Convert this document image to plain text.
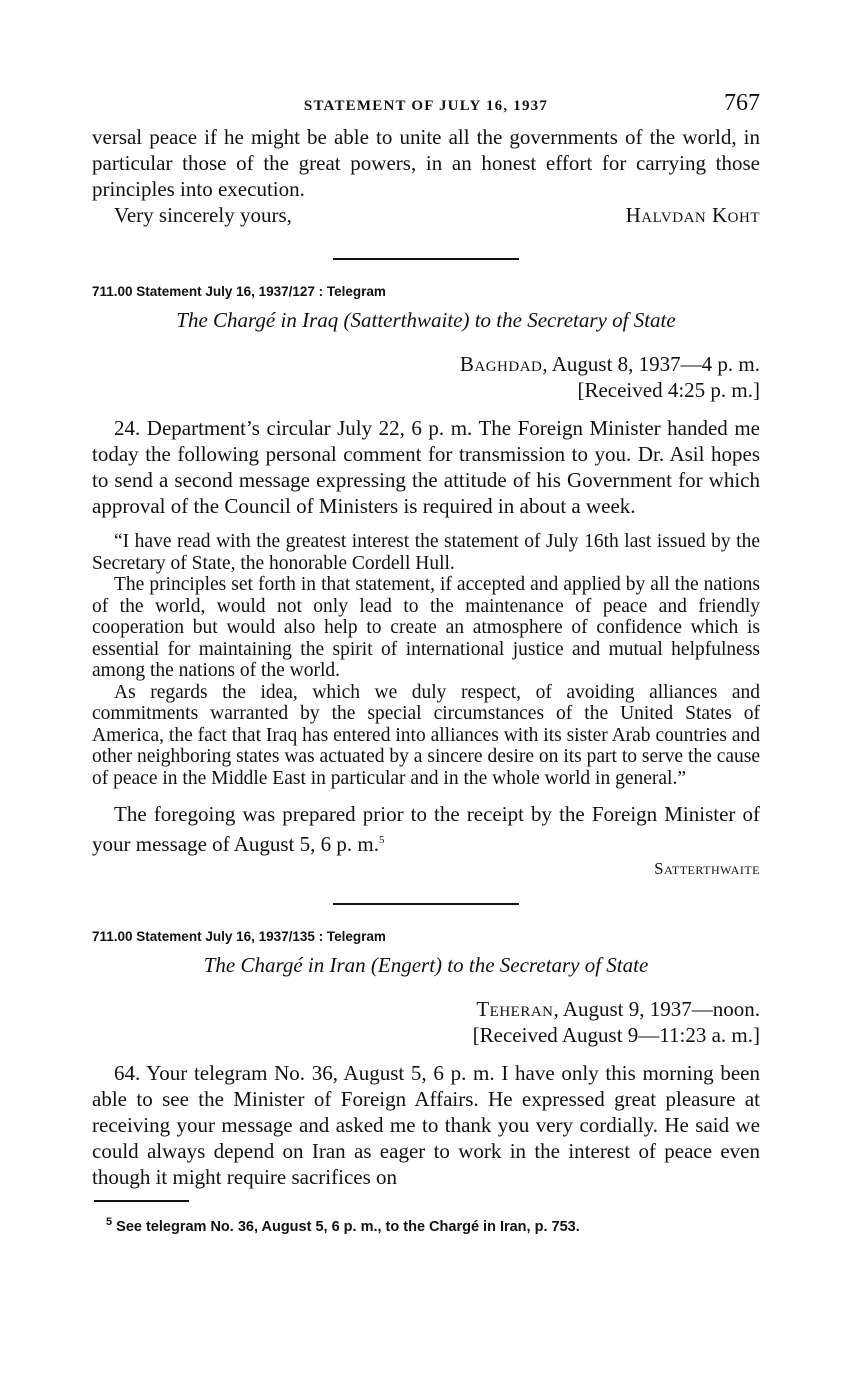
STATEMENT OF JULY 16, 1937	767

versal peace if he might be able to unite all the governments of the world, in particular those of the great powers, in an honest effort for carrying those principles into execution.

Very sincerely yours,	Halvdan Koht
711.00 Statement July 16, 1937/127 : Telegram
The Chargé in Iraq (Satterthwaite) to the Secretary of State
Baghdad, August 8, 1937—4 p. m.
[Received 4:25 p. m.]

24. Department’s circular July 22, 6 p. m. The Foreign Minister handed me today the following personal comment for transmission to you. Dr. Asil hopes to send a second message expressing the attitude of his Government for which approval of the Council of Ministers is required in about a week.

“I have read with the greatest interest the statement of July 16th last issued by the Secretary of State, the honorable Cordell Hull.

The principles set forth in that statement, if accepted and applied by all the nations of the world, would not only lead to the maintenance of peace and friendly cooperation but would also help to create an atmosphere of confidence which is essential for maintaining the spirit of international justice and mutual helpfulness among the nations of the world.

As regards the idea, which we duly respect, of avoiding alliances and commitments warranted by the special circumstances of the United States of America, the fact that Iraq has entered into alliances with its sister Arab countries and other neighboring states was actuated by a sincere desire on its part to serve the cause of peace in the Middle East in particular and in the whole world in general.”

The foregoing was prepared prior to the receipt by the Foreign Minister of your message of August 5, 6 p. m.$^5$

Satterthwaite
711.00 Statement July 16, 1937/135 : Telegram
The Chargé in Iran (Engert) to the Secretary of State
Teheran, August 9, 1937—noon.
[Received August 9—11:23 a. m.]

64. Your telegram No. 36, August 5, 6 p. m. I have only this morning been able to see the Minister of Foreign Affairs. He expressed great pleasure at receiving your message and asked me to thank you very cordially. He said we could always depend on Iran as eager to work in the interest of peace even though it might require sacrifices on

$^5$ See telegram No. 36, August 5, 6 p. m., to the Chargé in Iran, p. 753.
